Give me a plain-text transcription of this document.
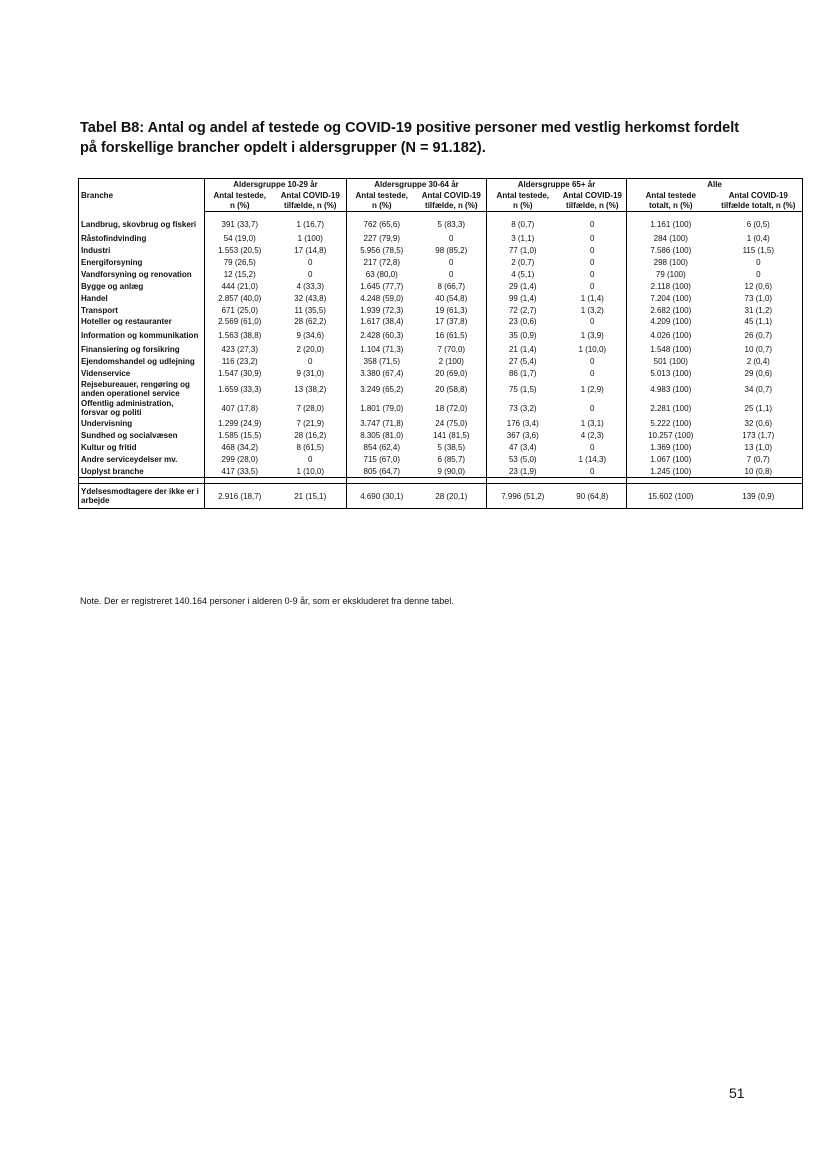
Tabel B8: Antal og andel af testede og COVID-19 positive personer med vestlig herkomst fordelt på forskellige brancher opdelt i aldersgrupper (N = 91.182).
Branche	Aldersgruppe 10-29 år		Aldersgruppe 30-64 år		Aldersgruppe 65+ år		Alle	
	Antal testede,	Antal COVID-19	Antal testede,	Antal COVID-19	Antal testede,	Antal COVID-19	Antal testede	Antal COVID-19
	n (%)	tilfælde, n (%)	n (%)	tilfælde, n (%)	n (%)	tilfælde, n (%)	totalt, n (%)	tilfælde totalt, n (%)

Landbrug, skovbrug og fiskeri	391 (33,7)	1 (16,7)	762 (65,6)	5 (83,3)	8 (0,7)	0	1.161 (100)	6 (0,5)
Råstofindvinding	54 (19,0)	1 (100)	227 (79,9)	0	3 (1,1)	0	284 (100)	1 (0,4)
Industri	1.553 (20,5)	17 (14,8)	5.956 (78,5)	98 (85,2)	77 (1,0)	0	7.586 (100)	115 (1,5)
Energiforsyning	79 (26,5)	0	217 (72,8)	0	2 (0,7)	0	298 (100)	0
Vandforsyning og renovation	12 (15,2)	0	63 (80,0)	0	4 (5,1)	0	79 (100)	0
Bygge og anlæg	444 (21,0)	4 (33,3)	1.645 (77,7)	8 (66,7)	29 (1,4)	0	2.118 (100)	12 (0,6)
Handel	2.857 (40,0)	32 (43,8)	4.248 (59,0)	40 (54,8)	99 (1,4)	1 (1,4)	7.204 (100)	73 (1,0)
Transport	671 (25,0)	11 (35,5)	1.939 (72,3)	19 (61,3)	72 (2,7)	1 (3,2)	2.682 (100)	31 (1,2)
Hoteller og restauranter	2.569 (61,0)	28 (62,2)	1.617 (38,4)	17 (37,8)	23 (0,6)	0	4.209 (100)	45 (1,1)
Information og kommunikation	1.563 (38,8)	9 (34,6)	2.428 (60,3)	16 (61,5)	35 (0,9)	1 (3,9)	4.026 (100)	26 (0,7)
Finansiering og forsikring	423 (27,3)	2 (20,0)	1.104 (71,3)	7 (70,0)	21 (1,4)	1 (10,0)	1.548 (100)	10 (0,7)
Ejendomshandel og udlejning	116 (23,2)	0	358 (71,5)	2 (100)	27 (5,4)	0	501 (100)	2 (0,4)
Videnservice	1.547 (30,9)	9 (31,0)	3.380 (67,4)	20 (69,0)	86 (1,7)	0	5.013 (100)	29 (0,6)
Rejsebureauer, rengøring og anden operationel service	1.659 (33,3)	13 (38,2)	3.249 (65,2)	20 (58,8)	75 (1,5)	1 (2,9)	4.983 (100)	34 (0,7)
Offentlig administration, forsvar og politi	407 (17,8)	7 (28,0)	1.801 (79,0)	18 (72,0)	73 (3,2)	0	2.281 (100)	25 (1,1)
Undervisning	1.299 (24,9)	7 (21,9)	3.747 (71,8)	24 (75,0)	176 (3,4)	1 (3,1)	5.222 (100)	32 (0,6)
Sundhed og socialvæsen	1.585 (15,5)	28 (16,2)	8.305 (81,0)	141 (81,5)	367 (3,6)	4 (2,3)	10.257 (100)	173 (1,7)
Kultur og fritid	468 (34,2)	8 (61,5)	854 (62,4)	5 (38,5)	47 (3,4)	0	1.369 (100)	13 (1,0)
Andre serviceydelser mv.	299 (28,0)	0	715 (67,0)	6 (85,7)	53 (5,0)	1 (14,3)	1.067 (100)	7 (0,7)
Uoplyst branche	417 (33,5)	1 (10,0)	805 (64,7)	9 (90,0)	23 (1,9)	0	1.245 (100)	10 (0,8)

Ydelsesmodtagere der ikke er i arbejde	2.916 (18,7)	21 (15,1)	4.690 (30,1)	28 (20,1)	7.996 (51,2)	90 (64,8)	15.602 (100)	139 (0,9)
Note. Der er registreret 140.164 personer i alderen 0-9 år, som er ekskluderet fra denne tabel.
51
